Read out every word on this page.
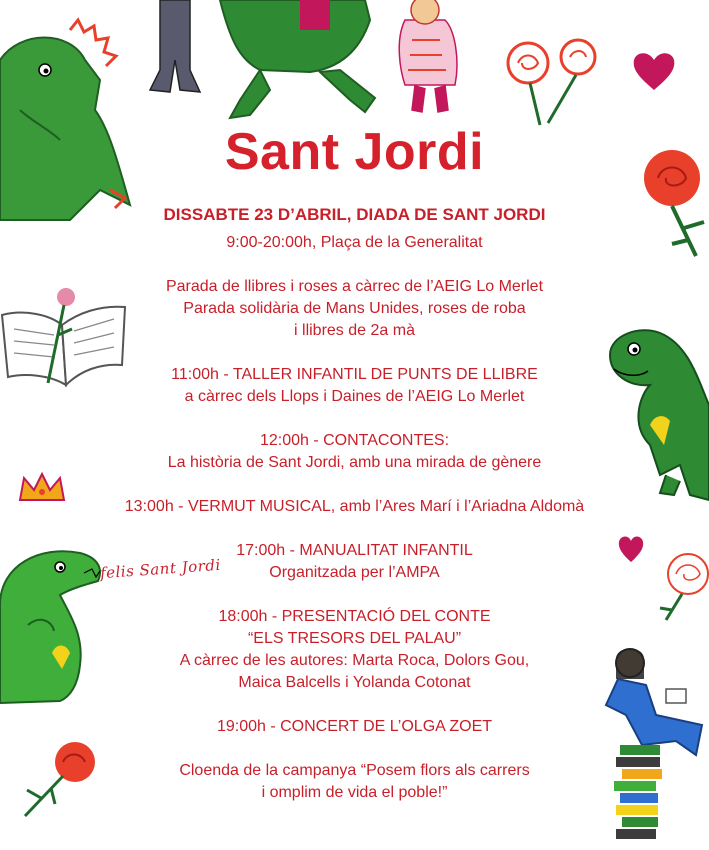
felis Sant Jordi
Sant Jordi
DISSABTE 23 D’ABRIL, DIADA DE SANT JORDI
9:00-20:00h, Plaça de la Generalitat
Parada de llibres i roses a càrrec de l’AEIG Lo Merlet
Parada solidària de Mans Unides, roses de roba
i llibres de 2a mà
11:00h - TALLER INFANTIL DE PUNTS DE LLIBRE
a càrrec dels Llops i Daines de l’AEIG Lo Merlet
12:00h - CONTACONTES:
La història de Sant Jordi, amb una mirada de gènere
13:00h - VERMUT MUSICAL, amb l’Ares Marí i l’Ariadna Aldomà
17:00h - MANUALITAT INFANTIL
Organitzada per l’AMPA
18:00h - PRESENTACIÓ DEL CONTE
“ELS TRESORS DEL PALAU”
A càrrec de les autores: Marta Roca, Dolors Gou,
Maica Balcells i Yolanda Cotonat
19:00h - CONCERT DE L’OLGA ZOET
Cloenda de la campanya “Posem flors als carrers
i omplim de vida el poble!”
